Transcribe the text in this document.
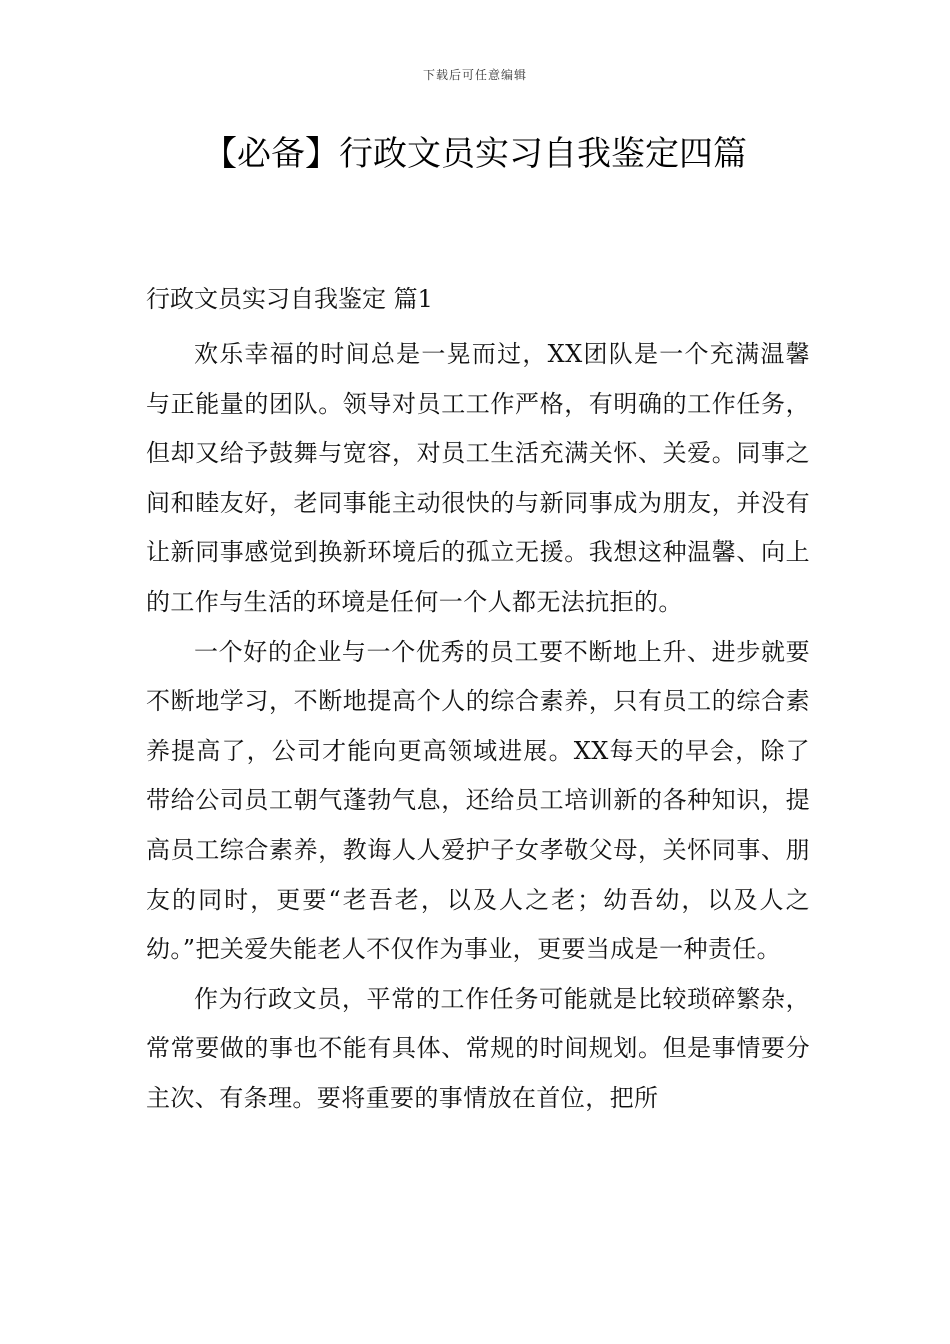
下载后可任意编辑
【必备】行政文员实习自我鉴定四篇
行政文员实习自我鉴定 篇1

欢乐幸福的时间总是一晃而过，XX团队是一个充满温馨与正能量的团队。领导对员工工作严格，有明确的工作任务，但却又给予鼓舞与宽容，对员工生活充满关怀、关爱。同事之间和睦友好，老同事能主动很快的与新同事成为朋友，并没有让新同事感觉到换新环境后的孤立无援。我想这种温馨、向上的工作与生活的环境是任何一个人都无法抗拒的。

一个好的企业与一个优秀的员工要不断地上升、进步就要不断地学习，不断地提高个人的综合素养，只有员工的综合素养提高了，公司才能向更高领域进展。XX每天的早会，除了带给公司员工朝气蓬勃气息，还给员工培训新的各种知识，提高员工综合素养，教诲人人爱护子女孝敬父母，关怀同事、朋友的同时，更要“老吾老，以及人之老；幼吾幼，以及人之幼。”把关爱失能老人不仅作为事业，更要当成是一种责任。

作为行政文员，平常的工作任务可能就是比较琐碎繁杂，常常要做的事也不能有具体、常规的时间规划。但是事情要分主次、有条理。要将重要的事情放在首位，把所
